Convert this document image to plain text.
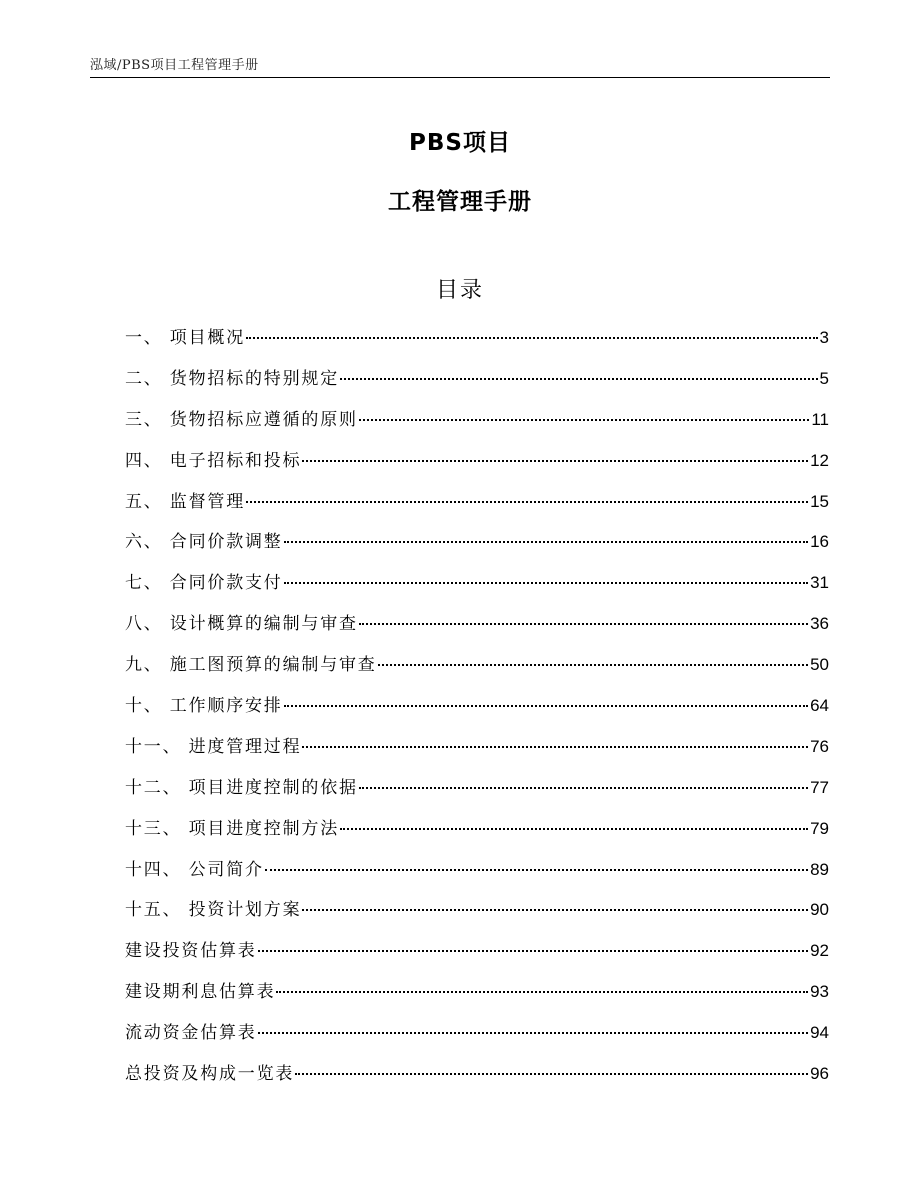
泓域/PBS项目工程管理手册
PBS项目
工程管理手册
目录
一、 项目概况	3
二、 货物招标的特别规定	5
三、 货物招标应遵循的原则	11
四、 电子招标和投标	12
五、 监督管理	15
六、 合同价款调整	16
七、 合同价款支付	31
八、 设计概算的编制与审查	36
九、 施工图预算的编制与审查	50
十、 工作顺序安排	64
十一、 进度管理过程	76
十二、 项目进度控制的依据	77
十三、 项目进度控制方法	79
十四、 公司简介	89
十五、 投资计划方案	90
建设投资估算表	92
建设期利息估算表	93
流动资金估算表	94
总投资及构成一览表	96
